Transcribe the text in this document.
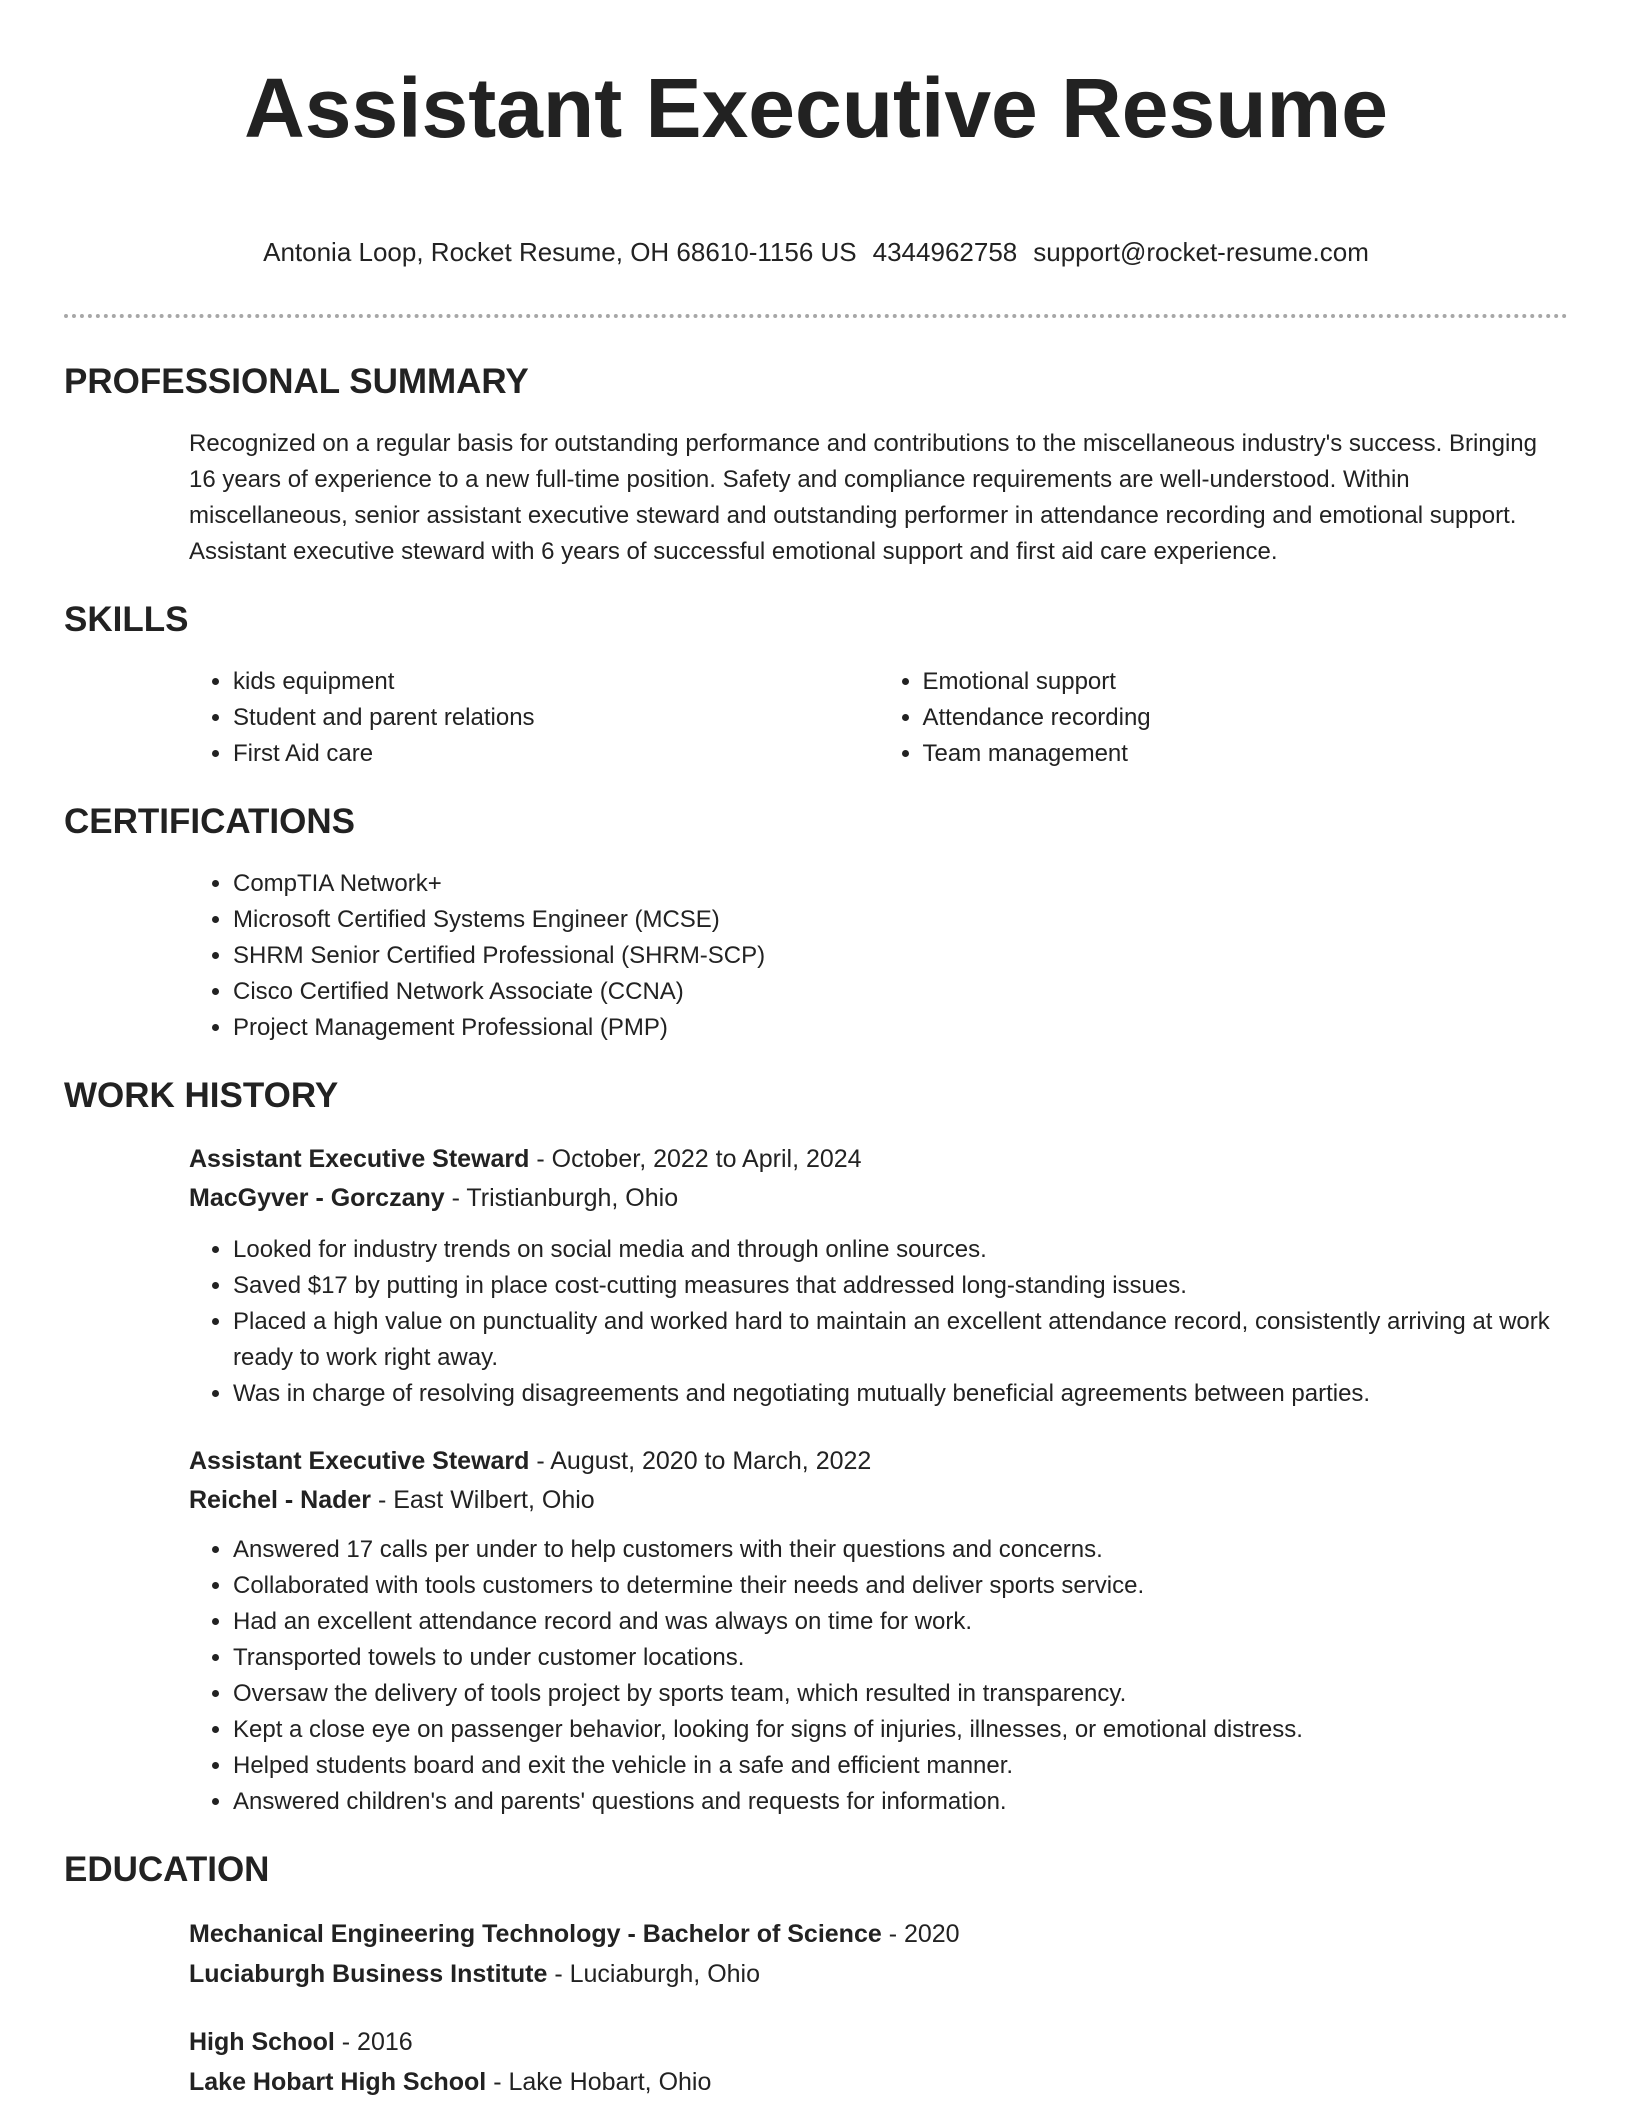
Assistant Executive Resume
Antonia Loop, Rocket Resume, OH 68610-1156 US 4344962758 support@rocket-resume.com
PROFESSIONAL SUMMARY

Recognized on a regular basis for outstanding performance and contributions to the miscellaneous industry's success. Bringing 16 years of experience to a new full-time position. Safety and compliance requirements are well-understood. Within miscellaneous, senior assistant executive steward and outstanding performer in attendance recording and emotional support. Assistant executive steward with 6 years of successful emotional support and first aid care experience.

SKILLS
• kids equipment
• Student and parent relations
• First Aid care
• Emotional support
• Attendance recording
• Team management
CERTIFICATIONS
• CompTIA Network+
• Microsoft Certified Systems Engineer (MCSE)
• SHRM Senior Certified Professional (SHRM-SCP)
• Cisco Certified Network Associate (CCNA)
• Project Management Professional (PMP)
WORK HISTORY
Assistant Executive Steward - October, 2022 to April, 2024
MacGyver - Gorczany - Tristianburgh, Ohio
• Looked for industry trends on social media and through online sources.
• Saved $17 by putting in place cost-cutting measures that addressed long-standing issues.
• Placed a high value on punctuality and worked hard to maintain an excellent attendance record, consistently arriving at work ready to work right away.
• Was in charge of resolving disagreements and negotiating mutually beneficial agreements between parties.
Assistant Executive Steward - August, 2020 to March, 2022
Reichel - Nader - East Wilbert, Ohio
• Answered 17 calls per under to help customers with their questions and concerns.
• Collaborated with tools customers to determine their needs and deliver sports service.
• Had an excellent attendance record and was always on time for work.
• Transported towels to under customer locations.
• Oversaw the delivery of tools project by sports team, which resulted in transparency.
• Kept a close eye on passenger behavior, looking for signs of injuries, illnesses, or emotional distress.
• Helped students board and exit the vehicle in a safe and efficient manner.
• Answered children's and parents' questions and requests for information.
EDUCATION
Mechanical Engineering Technology - Bachelor of Science - 2020
Luciaburgh Business Institute - Luciaburgh, Ohio
High School - 2016
Lake Hobart High School - Lake Hobart, Ohio
